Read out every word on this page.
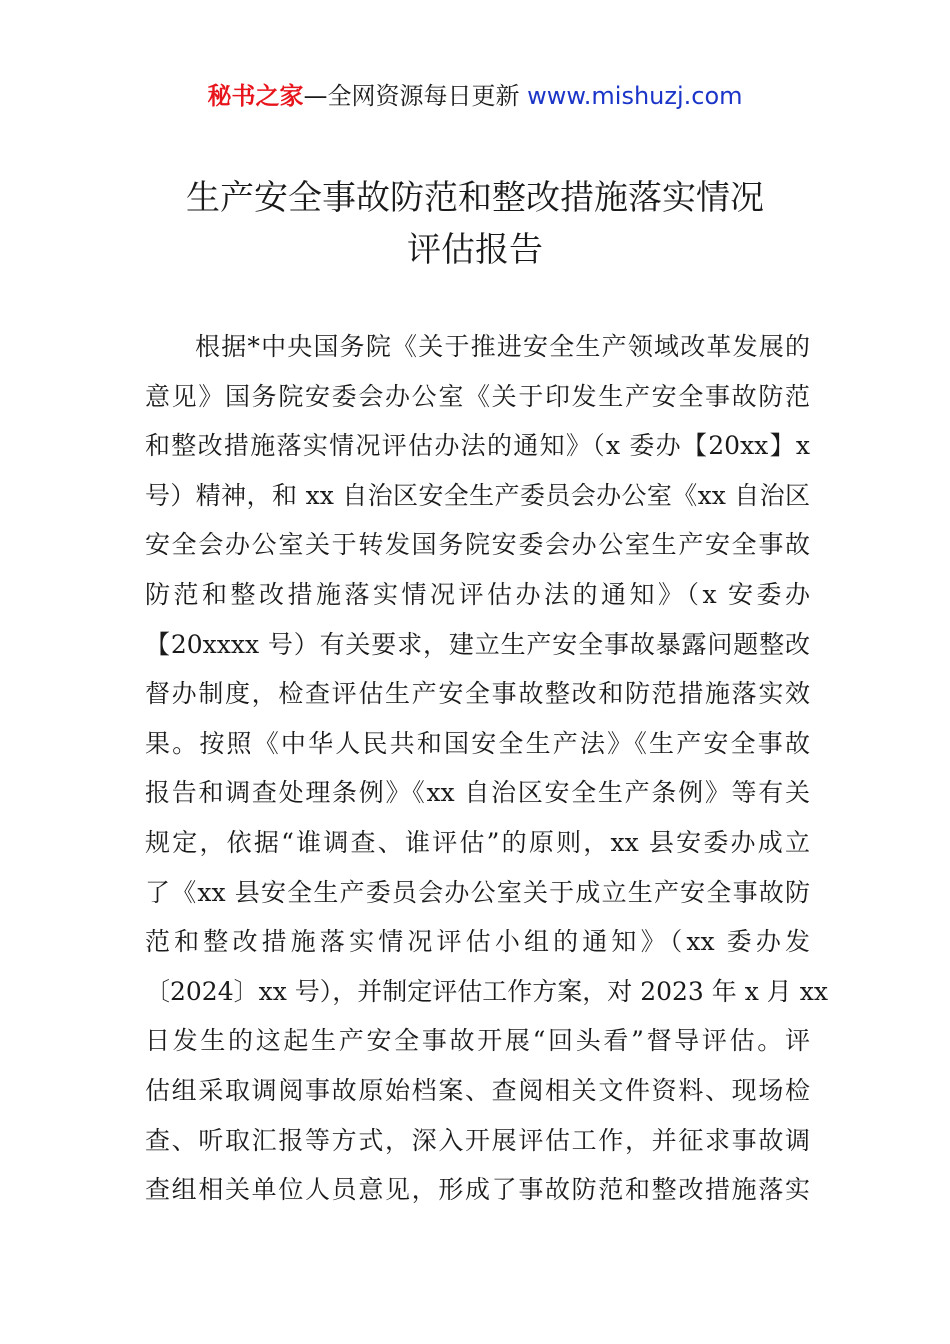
秘书之家—全网资源每日更新 www.mishuzj.com
生产安全事故防范和整改措施落实情况
评估报告
根据*中央国务院《关于推进安全生产领域改革发展的
意见》国务院安委会办公室《关于印发生产安全事故防范
和整改措施落实情况评估办法的通知》（x 委办【20xx】x
号）精神，和 xx 自治区安全生产委员会办公室《xx 自治区
安全会办公室关于转发国务院安委会办公室生产安全事故
防范和整改措施落实情况评估办法的通知》（x 安委办
【20xxxx 号）有关要求，建立生产安全事故暴露问题整改
督办制度，检查评估生产安全事故整改和防范措施落实效
果。按照《中华人民共和国安全生产法》《生产安全事故
报告和调查处理条例》《xx 自治区安全生产条例》等有关
规定，依据“谁调查、谁评估”的原则，xx 县安委办成立
了《xx 县安全生产委员会办公室关于成立生产安全事故防
范和整改措施落实情况评估小组的通知》（xx 委办发
〔2024〕xx 号），并制定评估工作方案，对 2023 年 x 月 xx
日发生的这起生产安全事故开展“回头看”督导评估。评
估组采取调阅事故原始档案、查阅相关文件资料、现场检
查、听取汇报等方式，深入开展评估工作，并征求事故调
查组相关单位人员意见，形成了事故防范和整改措施落实
